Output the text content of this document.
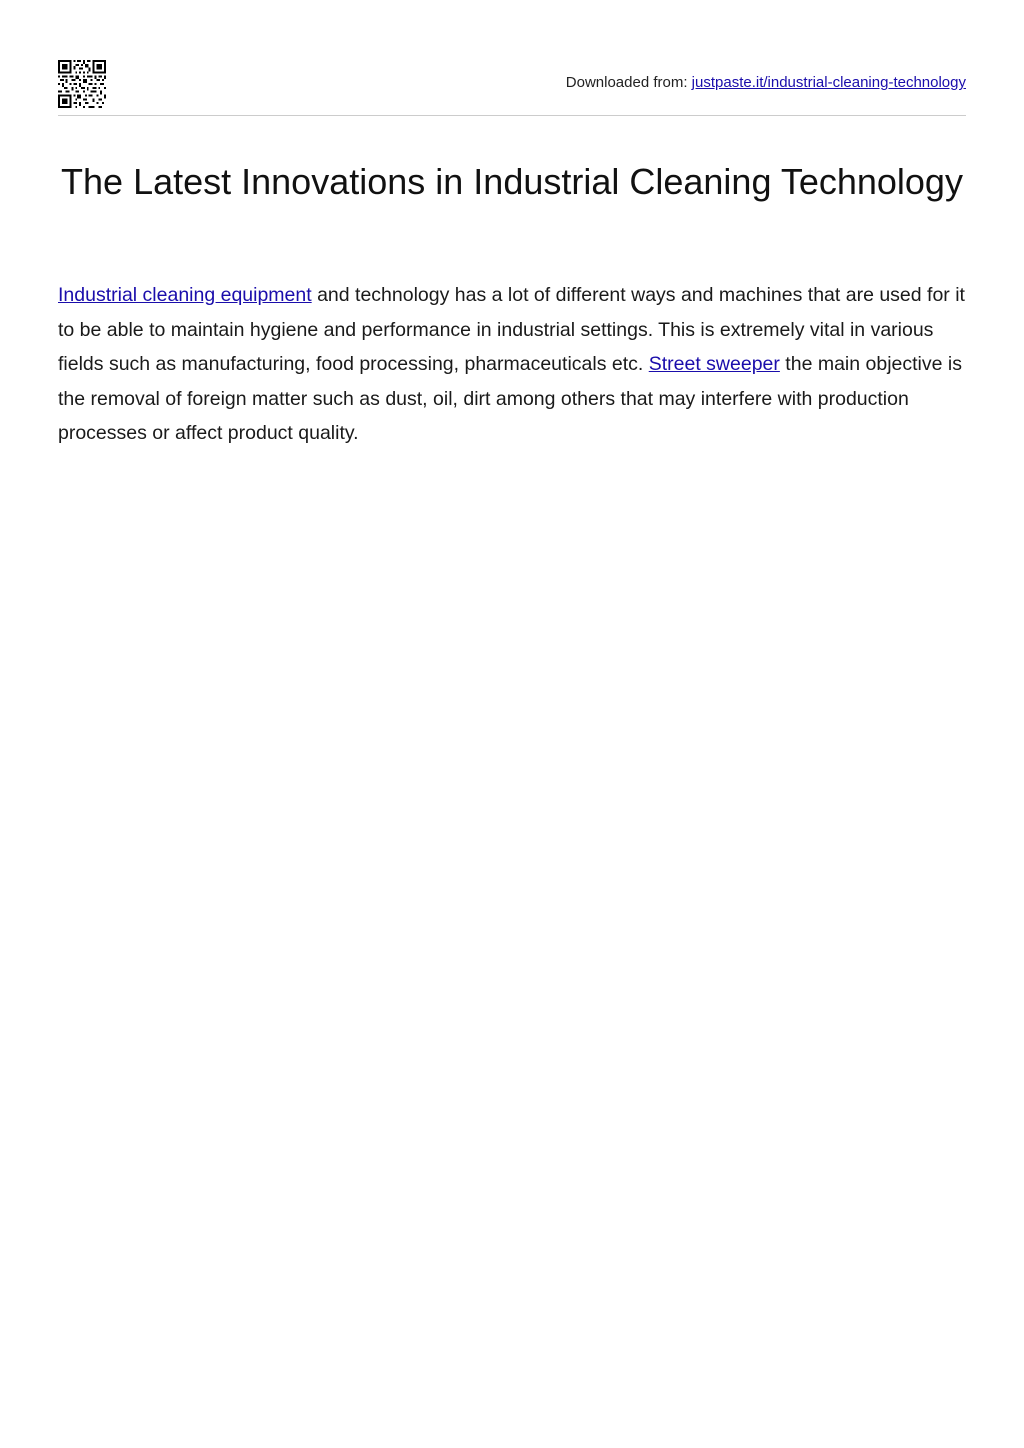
Downloaded from: justpaste.it/industrial-cleaning-technology
The Latest Innovations in Industrial Cleaning Technology

Industrial cleaning equipment and technology has a lot of different ways and machines that are used for it to be able to maintain hygiene and performance in industrial settings. This is extremely vital in various fields such as manufacturing, food processing, pharmaceuticals etc. Street sweeper the main objective is the removal of foreign matter such as dust, oil, dirt among others that may interfere with production processes or affect product quality.
